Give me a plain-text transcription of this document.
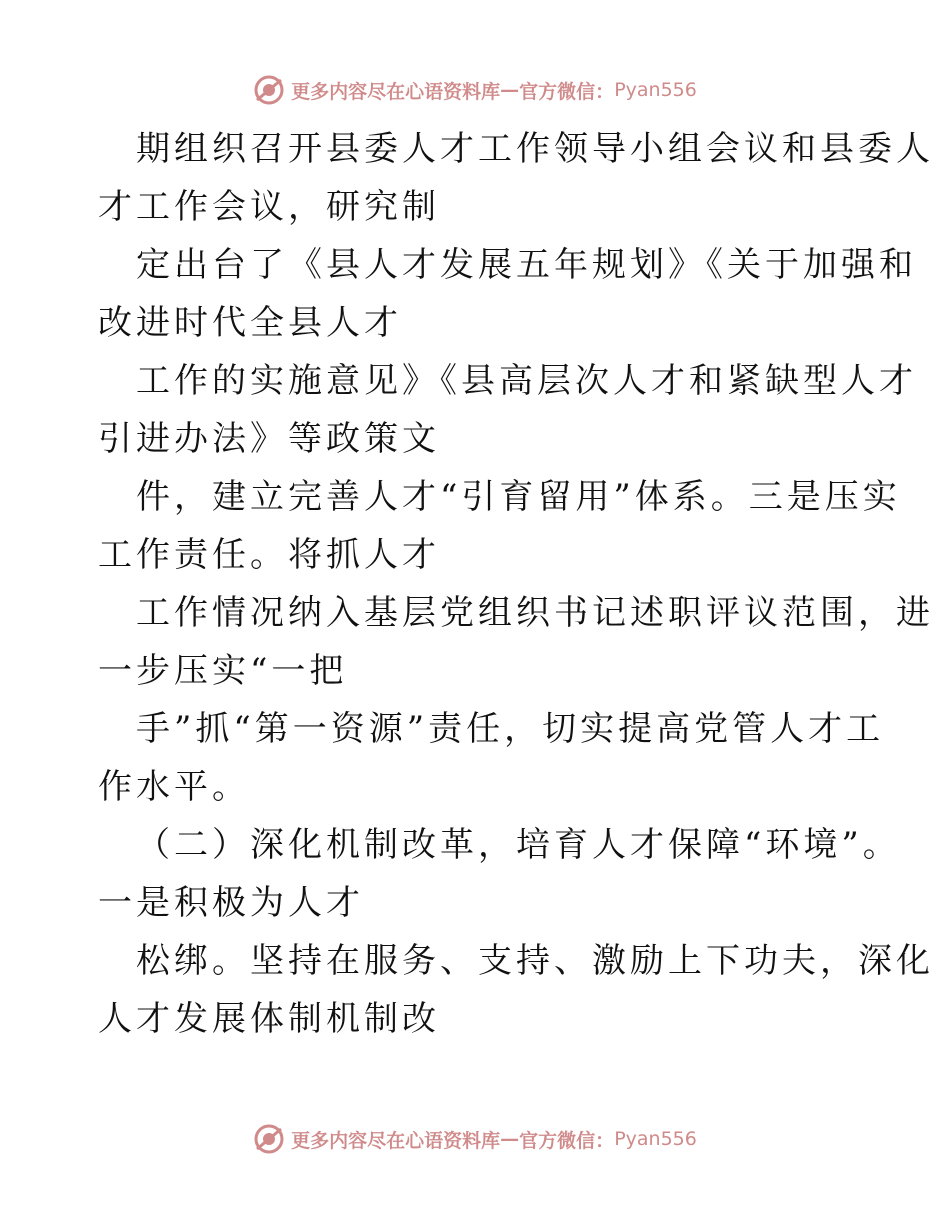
更多内容尽在心语资料库 — 官方微信： Pyan556
期组织召开县委人才工作领导小组会议和县委人
才工作会议，研究制
定出台了《县人才发展五年规划》《关于加强和
改进时代全县人才
工作的实施意见》《县高层次人才和紧缺型人才
引进办法》等政策文
件，建立完善人才“引育留用”体系。三是压实
工作责任。将抓人才
工作情况纳入基层党组织书记述职评议范围，进
一步压实“一把
手”抓“第一资源”责任，切实提高党管人才工
作水平。
（二）深化机制改革，培育人才保障“环境”。
一是积极为人才
松绑。坚持在服务、支持、激励上下功夫，深化
人才发展体制机制改
更多内容尽在心语资料库 — 官方微信： Pyan556
